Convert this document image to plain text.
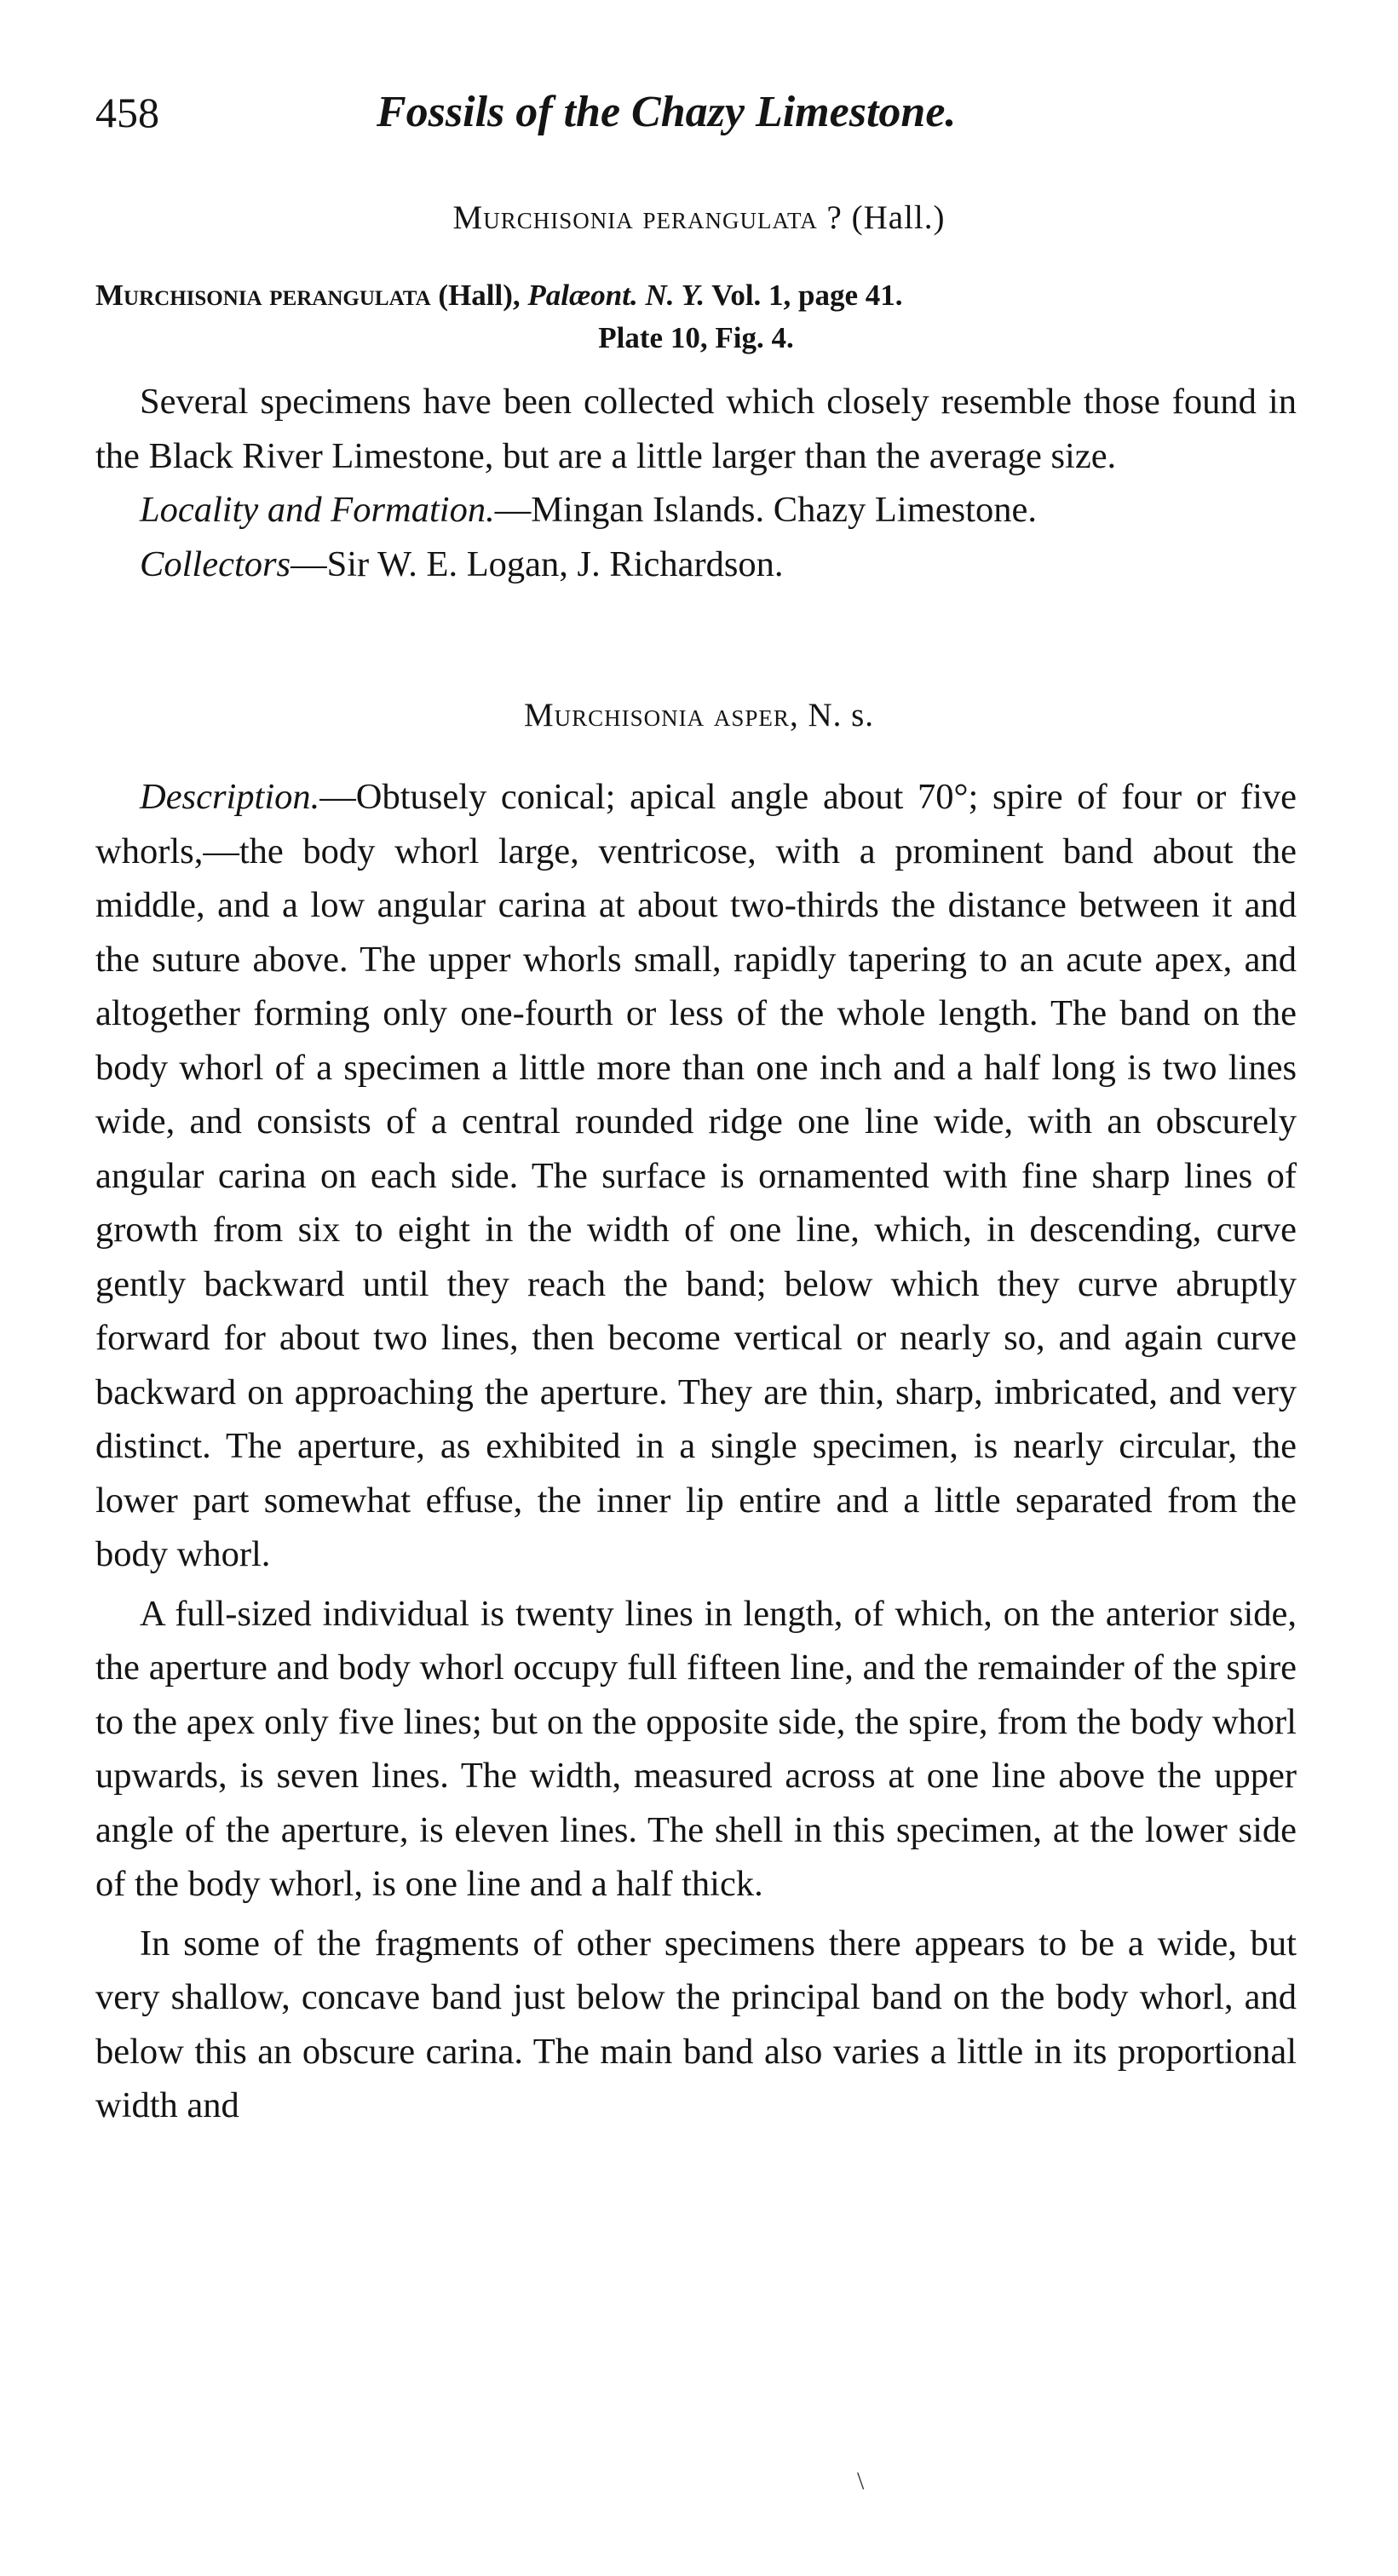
458	Fossils of the Chazy Limestone.
Murchisonia perangulata ? (Hall.)
Murchisonia perangulata (Hall), Palæont. N. Y. Vol. 1, page 41.
Plate 10, Fig. 4.

Several specimens have been collected which closely resemble those found in the Black River Limestone, but are a little larger than the average size.

Locality and Formation.—Mingan Islands. Chazy Limestone.
Collectors—Sir W. E. Logan, J. Richardson.
Murchisonia asper, N. s.

Description.—Obtusely conical; apical angle about 70°; spire of four or five whorls,—the body whorl large, ventricose, with a prominent band about the middle, and a low angular carina at about two-thirds the distance between it and the suture above. The upper whorls small, rapidly tapering to an acute apex, and altogether forming only one-fourth or less of the whole length. The band on the body whorl of a specimen a little more than one inch and a half long is two lines wide, and consists of a central rounded ridge one line wide, with an obscurely angular carina on each side. The surface is ornamented with fine sharp lines of growth from six to eight in the width of one line, which, in descending, curve gently backward until they reach the band; below which they curve abruptly forward for about two lines, then become vertical or nearly so, and again curve backward on approaching the aperture. They are thin, sharp, imbricated, and very distinct. The aperture, as exhibited in a single specimen, is nearly circular, the lower part somewhat effuse, the inner lip entire and a little separated from the body whorl.

A full-sized individual is twenty lines in length, of which, on the anterior side, the aperture and body whorl occupy full fifteen line, and the remainder of the spire to the apex only five lines; but on the opposite side, the spire, from the body whorl upwards, is seven lines. The width, measured across at one line above the upper angle of the aperture, is eleven lines. The shell in this specimen, at the lower side of the body whorl, is one line and a half thick.

In some of the fragments of other specimens there appears to be a wide, but very shallow, concave band just below the principal band on the body whorl, and below this an obscure carina. The main band also varies a little in its proportional width and

\
